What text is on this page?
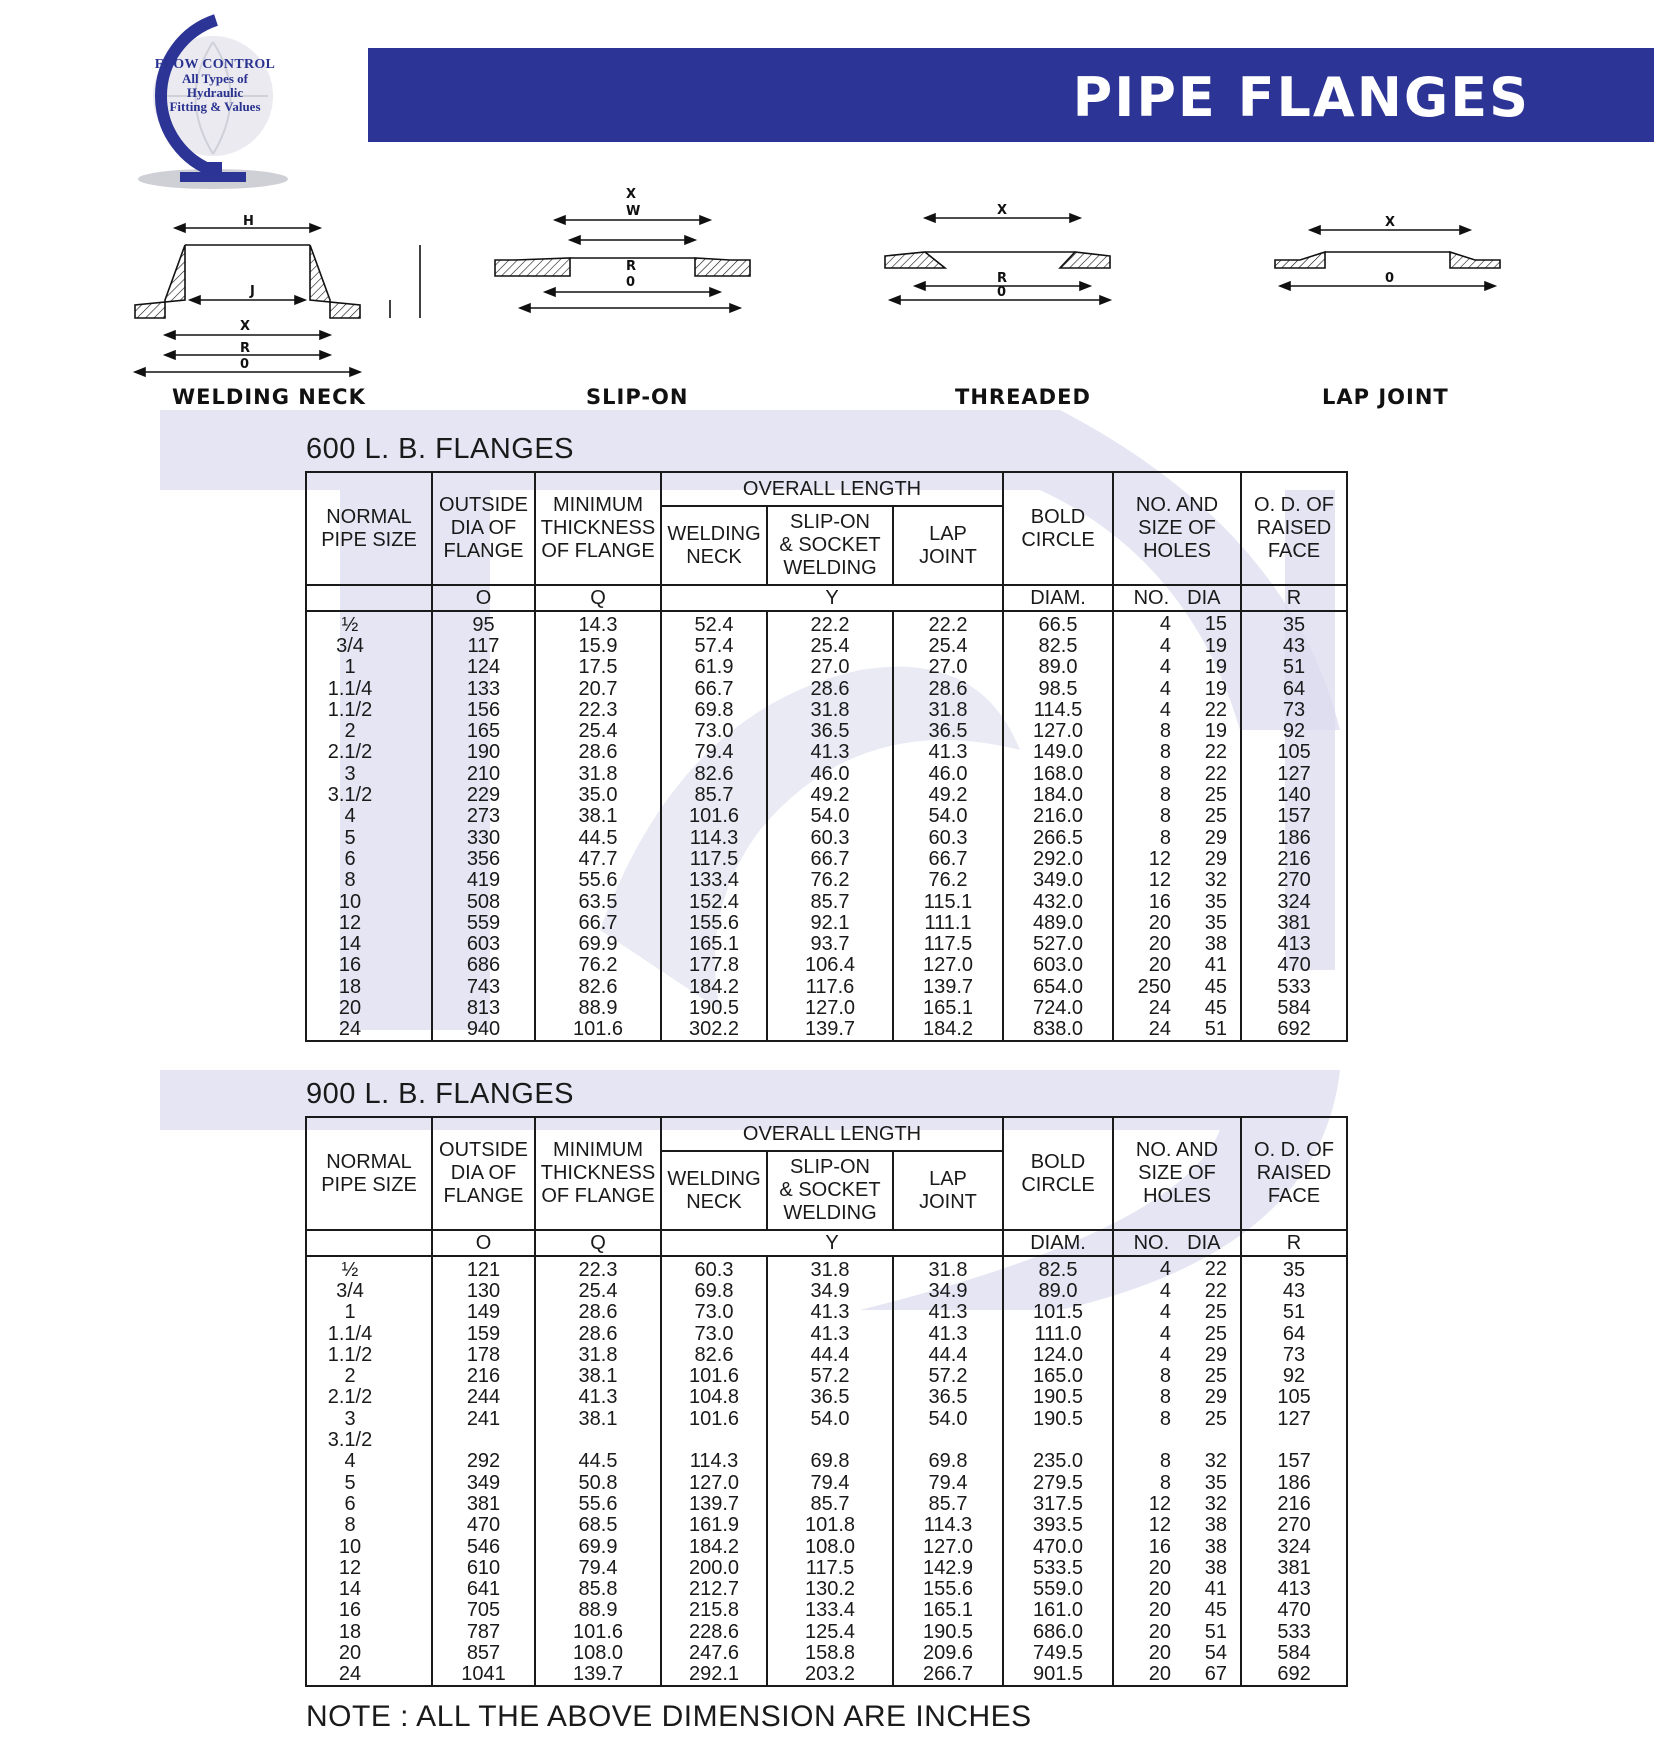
FLOW CONTROL
All Types of
Hydraulic
Fitting & Values	PIPE FLANGES
H
J
X
R
0
X
W
R
0
X
R
0
X
0
WELDING NECK	SLIP-ON	THREADED	LAP JOINT
600 L. B. FLANGES
NORMAL
PIPE SIZE	OUTSIDE
DIA OF
FLANGE	MINIMUM
THICKNESS
OF FLANGE	OVERALL LENGTH			BOLD
CIRCLE	NO. AND
SIZE OF
HOLES	O. D. OF
RAISED
FACE
			WELDING
NECK	SLIP-ON
& SOCKET
WELDING	LAP
JOINT			
	O	Q	Y			DIAM.	NO. DIA	R
½	95	14.3	52.4	22.2	22.2	66.5	4 15	35
3/4	117	15.9	57.4	25.4	25.4	82.5	4 19	43
1	124	17.5	61.9	27.0	27.0	89.0	4 19	51
1.1/4	133	20.7	66.7	28.6	28.6	98.5	4 19	64
1.1/2	156	22.3	69.8	31.8	31.8	114.5	4 22	73
2	165	25.4	73.0	36.5	36.5	127.0	8 19	92
2.1/2	190	28.6	79.4	41.3	41.3	149.0	8 22	105
3	210	31.8	82.6	46.0	46.0	168.0	8 22	127
3.1/2	229	35.0	85.7	49.2	49.2	184.0	8 25	140
4	273	38.1	101.6	54.0	54.0	216.0	8 25	157
5	330	44.5	114.3	60.3	60.3	266.5	8 29	186
6	356	47.7	117.5	66.7	66.7	292.0	12 29	216
8	419	55.6	133.4	76.2	76.2	349.0	12 32	270
10	508	63.5	152.4	85.7	115.1	432.0	16 35	324
12	559	66.7	155.6	92.1	111.1	489.0	20 35	381
14	603	69.9	165.1	93.7	117.5	527.0	20 38	413
16	686	76.2	177.8	106.4	127.0	603.0	20 41	470
18	743	82.6	184.2	117.6	139.7	654.0	250 45	533
20	813	88.9	190.5	127.0	165.1	724.0	24 45	584
24	940	101.6	302.2	139.7	184.2	838.0	24 51	692
900 L. B. FLANGES
NORMAL
PIPE SIZE	OUTSIDE
DIA OF
FLANGE	MINIMUM
THICKNESS
OF FLANGE	OVERALL LENGTH			BOLD
CIRCLE	NO. AND
SIZE OF
HOLES	O. D. OF
RAISED
FACE
			WELDING
NECK	SLIP-ON
& SOCKET
WELDING	LAP
JOINT			
	O	Q	Y			DIAM.	NO. DIA	R
½	121	22.3	60.3	31.8	31.8	82.5	4 22	35
3/4	130	25.4	69.8	34.9	34.9	89.0	4 22	43
1	149	28.6	73.0	41.3	41.3	101.5	4 25	51
1.1/4	159	28.6	73.0	41.3	41.3	111.0	4 25	64
1.1/2	178	31.8	82.6	44.4	44.4	124.0	4 29	73
2	216	38.1	101.6	57.2	57.2	165.0	8 25	92
2.1/2	244	41.3	104.8	36.5	36.5	190.5	8 29	105
3	241	38.1	101.6	54.0	54.0	190.5	8 25	127
3.1/2								
4	292	44.5	114.3	69.8	69.8	235.0	8 32	157
5	349	50.8	127.0	79.4	79.4	279.5	8 35	186
6	381	55.6	139.7	85.7	85.7	317.5	12 32	216
8	470	68.5	161.9	101.8	114.3	393.5	12 38	270
10	546	69.9	184.2	108.0	127.0	470.0	16 38	324
12	610	79.4	200.0	117.5	142.9	533.5	20 38	381
14	641	85.8	212.7	130.2	155.6	559.0	20 41	413
16	705	88.9	215.8	133.4	165.1	161.0	20 45	470
18	787	101.6	228.6	125.4	190.5	686.0	20 51	533
20	857	108.0	247.6	158.8	209.6	749.5	20 54	584
24	1041	139.7	292.1	203.2	266.7	901.5	20 67	692
NOTE : ALL THE ABOVE DIMENSION ARE INCHES
